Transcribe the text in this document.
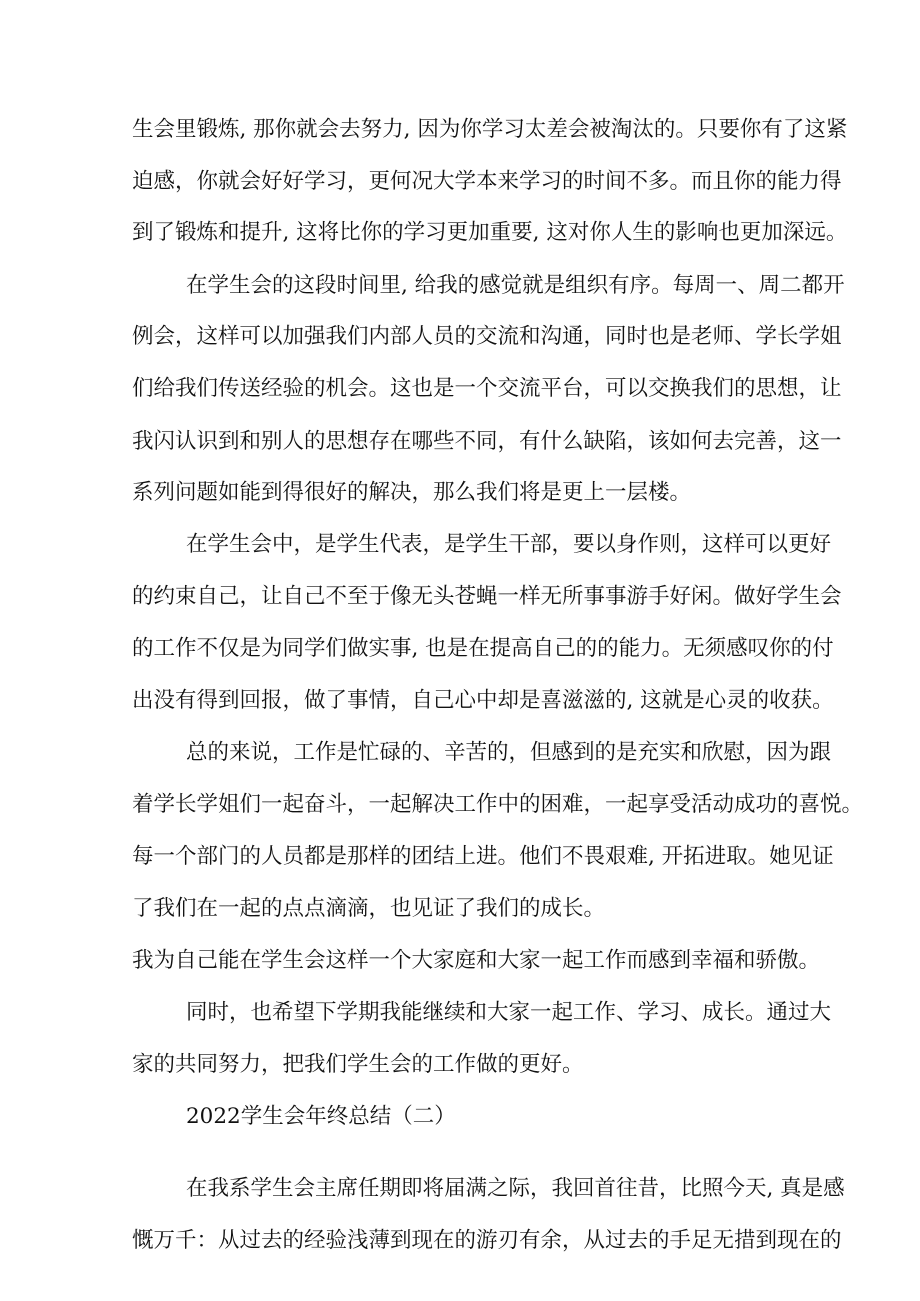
生会里锻炼, 那你就会去努力, 因为你学习太差会被淘汰的。只要你有了这紧
迫感，你就会好好学习，更何况大学本来学习的时间不多。而且你的能力得
到了锻炼和提升, 这将比你的学习更加重要, 这对你人生的影响也更加深远。
在学生会的这段时间里, 给我的感觉就是组织有序。每周一、周二都开
例会，这样可以加强我们内部人员的交流和沟通，同时也是老师、学长学姐
们给我们传送经验的机会。这也是一个交流平台，可以交换我们的思想，让
我闪认识到和别人的思想存在哪些不同，有什么缺陷，该如何去完善，这一
系列问题如能到得很好的解决，那么我们将是更上一层楼。
在学生会中，是学生代表，是学生干部，要以身作则，这样可以更好
的约束自己，让自己不至于像无头苍蝇一样无所事事游手好闲。做好学生会
的工作不仅是为同学们做实事, 也是在提高自己的的能力。无须感叹你的付
出没有得到回报，做了事情，自己心中却是喜滋滋的, 这就是心灵的收获。
总的来说，工作是忙碌的、辛苦的，但感到的是充实和欣慰，因为跟
着学长学姐们一起奋斗，一起解决工作中的困难，一起享受活动成功的喜悦。
每一个部门的人员都是那样的团结上进。他们不畏艰难, 开拓进取。她见证
了我们在一起的点点滴滴，也见证了我们的成长。
我为自己能在学生会这样一个大家庭和大家一起工作而感到幸福和骄傲。
同时，也希望下学期我能继续和大家一起工作、学习、成长。通过大
家的共同努力，把我们学生会的工作做的更好。
2022学生会年终总结（二）
在我系学生会主席任期即将届满之际，我回首往昔，比照今天, 真是感
慨万千：从过去的经验浅薄到现在的游刃有余，从过去的手足无措到现在的
